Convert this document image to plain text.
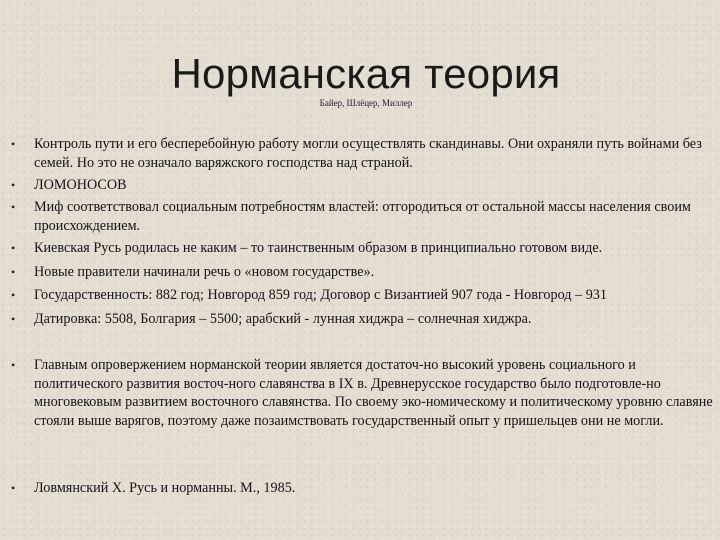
Норманская теория
Байер, Шлёцер, Миллер
• Контроль пути и его бесперебойную работу могли осуществлять скандинавы. Они охраняли путь войнами без семей. Но это не означало варяжского господства над страной.
• ЛОМОНОСОВ
• Миф соответствовал социальным потребностям властей: отгородиться от остальной массы населения своим происхождением.
• Киевская Русь родилась не каким – то таинственным образом в принципиально готовом виде.
• Новые правители начинали речь о «новом государстве».
• Государственность: 882 год; Новгород 859 год; Договор с Византией 907 года - Новгород – 931
• Датировка: 5508, Болгария – 5500; арабский - лунная хиджра – солнечная хиджра.
• Главным опровержением норманской теории является достаточ-но высокий уровень социального и политического развития восточ-ного славянства в IX в. Древнерусское государство было подготовле-но многовековым развитием восточного славянства. По своему эко-номическому и политическому уровню славяне стояли выше варягов, поэтому даже позаимствовать государственный опыт у пришельцев они не могли.
• Ловмянский Х. Русь и норманны. М., 1985.
